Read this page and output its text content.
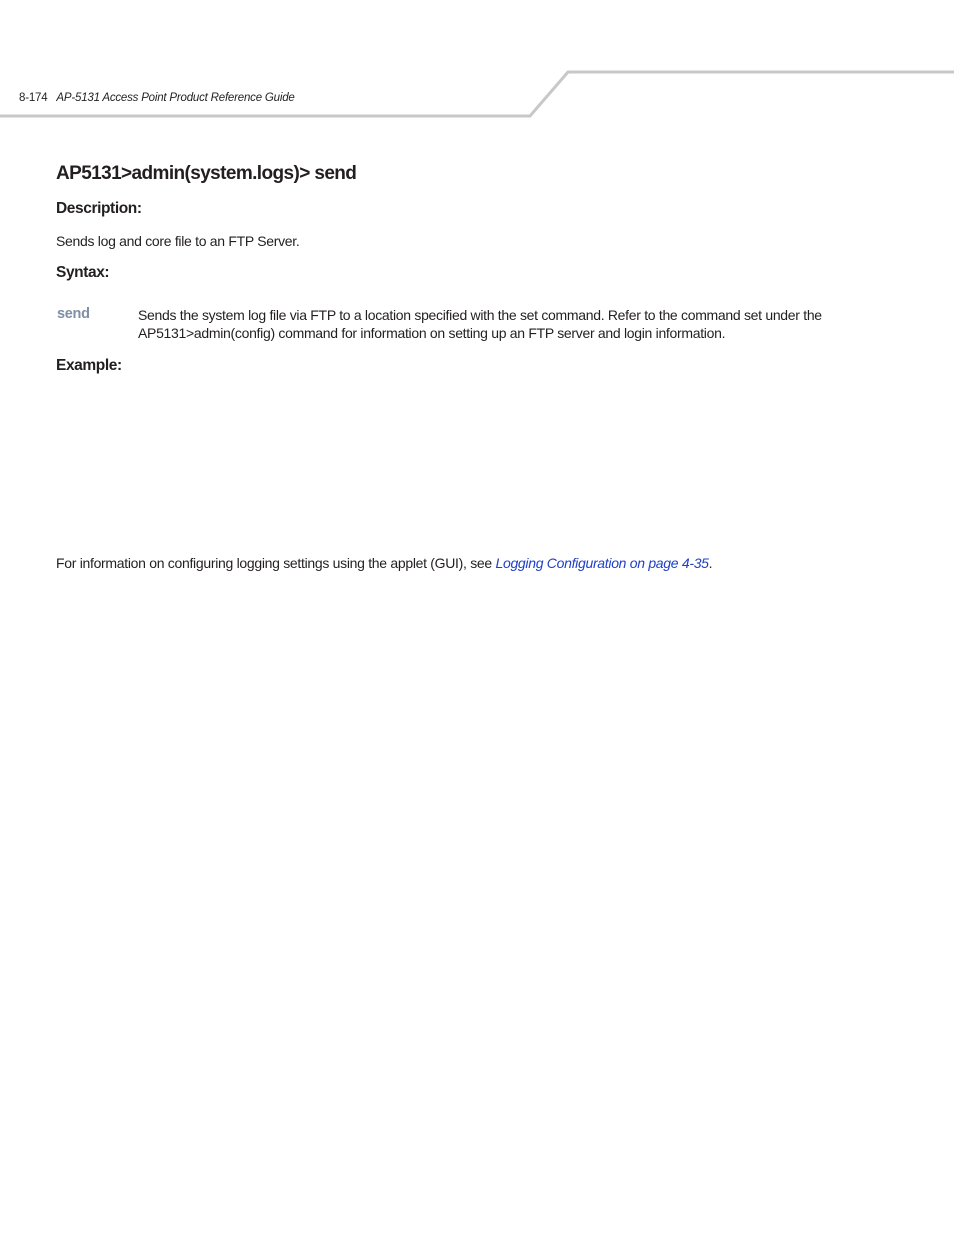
8-174 AP-5131 Access Point Product Reference Guide
AP5131>admin(system.logs)> send
Description:
Sends log and core file to an FTP Server.
Syntax:
send	Sends the system log file via FTP to a location specified with the set command. Refer to the command set under the AP5131>admin(config) command for information on setting up an FTP server and login information.
Example:
For information on configuring logging settings using the applet (GUI), see Logging Configuration on page 4-35.
